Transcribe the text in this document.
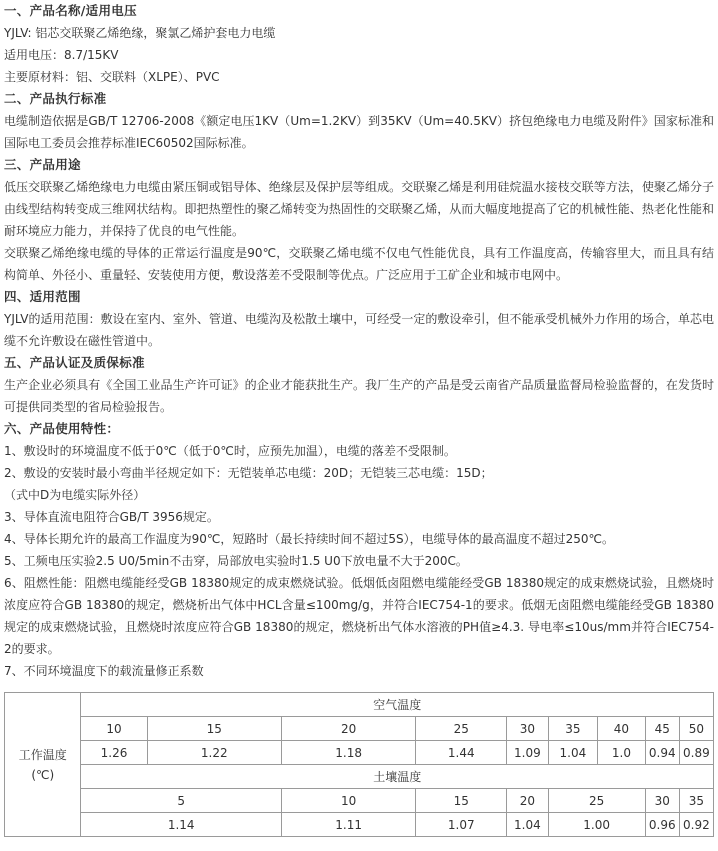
一、产品名称/适用电压
YJLV: 铝芯交联聚乙烯绝缘，聚氯乙烯护套电力电缆
适用电压：8.7/15KV
主要原材料：铝、交联料（XLPE）、PVC
二、产品执行标准
电缆制造依据是GB/T 12706-2008《额定电压1KV（Um=1.2KV）到35KV（Um=40.5KV）挤包绝缘电力电缆及附件》国家标准和国际电工委员会推荐标准IEC60502国际标准。
三、产品用途
低压交联聚乙烯绝缘电力电缆由紧压铜或铝导体、绝缘层及保护层等组成。交联聚乙烯是利用硅烷温水接枝交联等方法，使聚乙烯分子由线型结构转变成三维网状结构。即把热塑性的聚乙烯转变为热固性的交联聚乙烯，从而大幅度地提高了它的机械性能、热老化性能和耐环境应力能力，并保持了优良的电气性能。
交联聚乙烯绝缘电缆的导体的正常运行温度是90℃，交联聚乙烯电缆不仅电气性能优良，具有工作温度高，传输容里大，而且具有结构简单、外径小、重量轻、安装使用方便，敷设落差不受限制等优点。广泛应用于工矿企业和城市电网中。
四、适用范围
YJLV的适用范围：敷设在室内、室外、管道、电缆沟及松散土壤中，可经受一定的敷设牵引，但不能承受机械外力作用的场合，单芯电缆不允许敷设在磁性管道中。
五、产品认证及质保标准
生产企业必须具有《全国工业品生产许可证》的企业才能获批生产。我厂生产的产品是受云南省产品质量监督局检验监督的，在发货时可提供同类型的省局检验报告。
六、产品使用特性：
1、敷设时的环境温度不低于0℃（低于0℃时，应预先加温），电缆的落差不受限制。
2、敷设的安装时最小弯曲半径规定如下：无铠装单芯电缆：20D；无铠装三芯电缆：15D；
（式中D为电缆实际外径）
3、导体直流电阻符合GB/T 3956规定。
4、导体长期允许的最高工作温度为90℃，短路时（最长持续时间不超过5S），电缆导体的最高温度不超过250℃。
5、工频电压实验2.5 U0/5min不击穿，局部放电实验时1.5 U0下放电量不大于200C。
6、阻燃性能：阻燃电缆能经受GB 18380规定的成束燃烧试验。低烟低卤阻燃电缆能经受GB 18380规定的成束燃烧试验，且燃烧时浓度应符合GB 18380的规定，燃烧析出气体中HCL含量≤100mg/g，并符合IEC754-1的要求。低烟无卤阻燃电缆能经受GB 18380规定的成束燃烧试验，且燃烧时浓度应符合GB 18380的规定，燃烧析出气体水溶液的PH值≥4.3. 导电率≤10us/mm并符合IEC754-2的要求。
7、不同环境温度下的载流量修正系数
工作温度
(℃)	空气温度								
	10	15	20	25	30	35	40	45	50
	1.26	1.22	1.18	1.44	1.09	1.04	1.0	0.94	0.89
	土壤温度								
	5		10	15	20	25		30	35
	1.14		1.11	1.07	1.04	1.00		0.96	0.92
